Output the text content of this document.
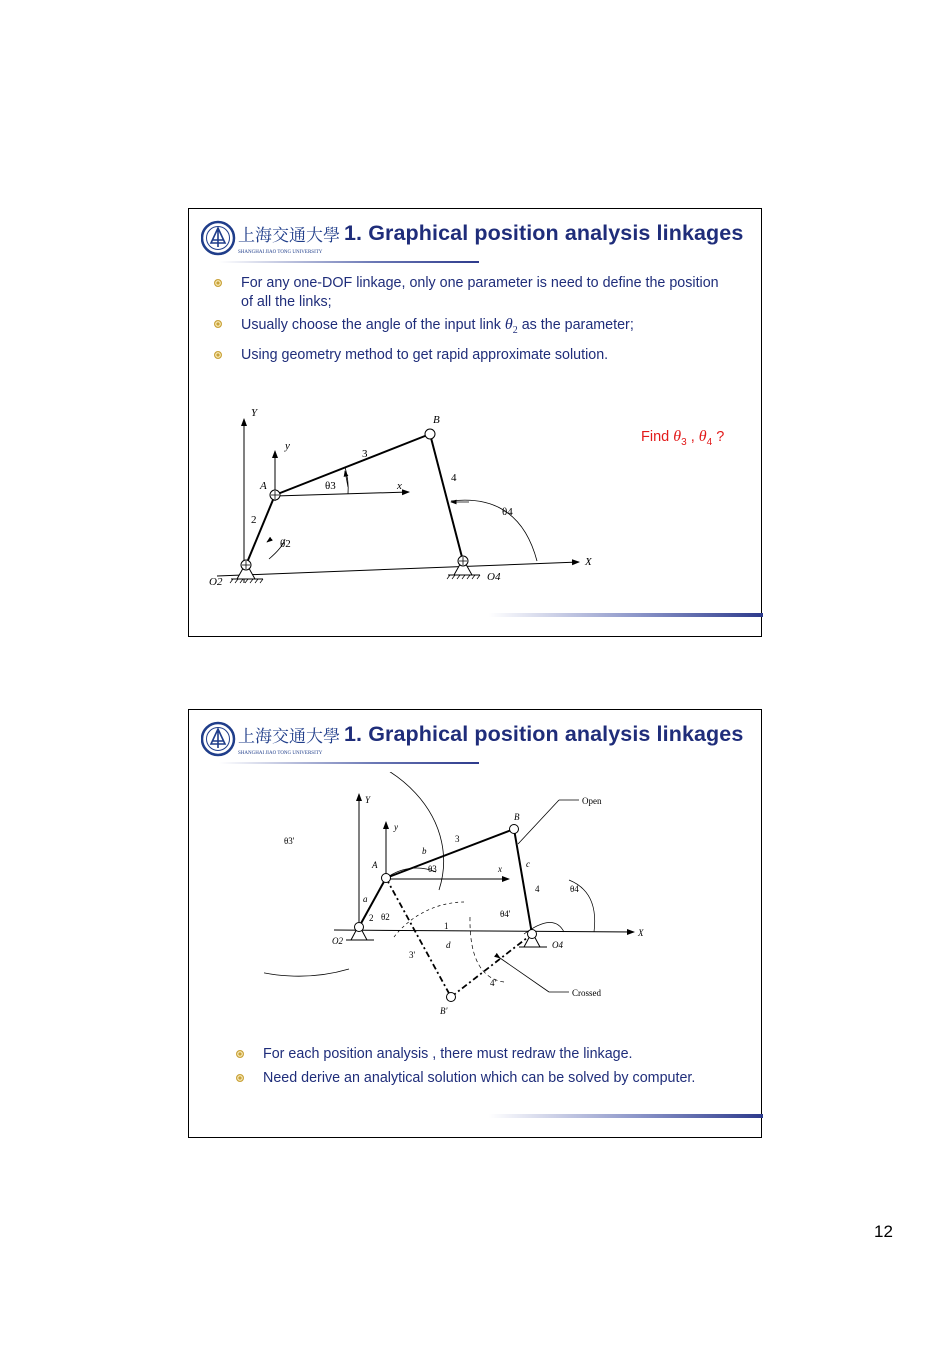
上海交通大學
SHANGHAI JIAO TONG UNIVERSITY
1. Graphical position analysis linkages
For any one-DOF linkage, only one parameter is need to define the position of all the links;
Usually choose the angle of the input link $\theta_2$ as the parameter;
Using geometry method to get rapid approximate solution.
Y
y
x
X
A
B
2
3
4
θ2
θ3
θ4
O2	O4
Find $\theta_3$ , $\theta_4$ ?
上海交通大學
SHANGHAI JIAO TONG UNIVERSITY
1. Graphical position analysis linkages
Open
Crossed
Y
y
x
X
A
B
B'
a
b
c
d
1
2
3
4
3'
4'
θ2
θ3
θ4
θ3'
θ4'
O2	O4
For each position analysis , there must redraw the linkage.
Need derive an analytical solution which can be solved by computer.
12
